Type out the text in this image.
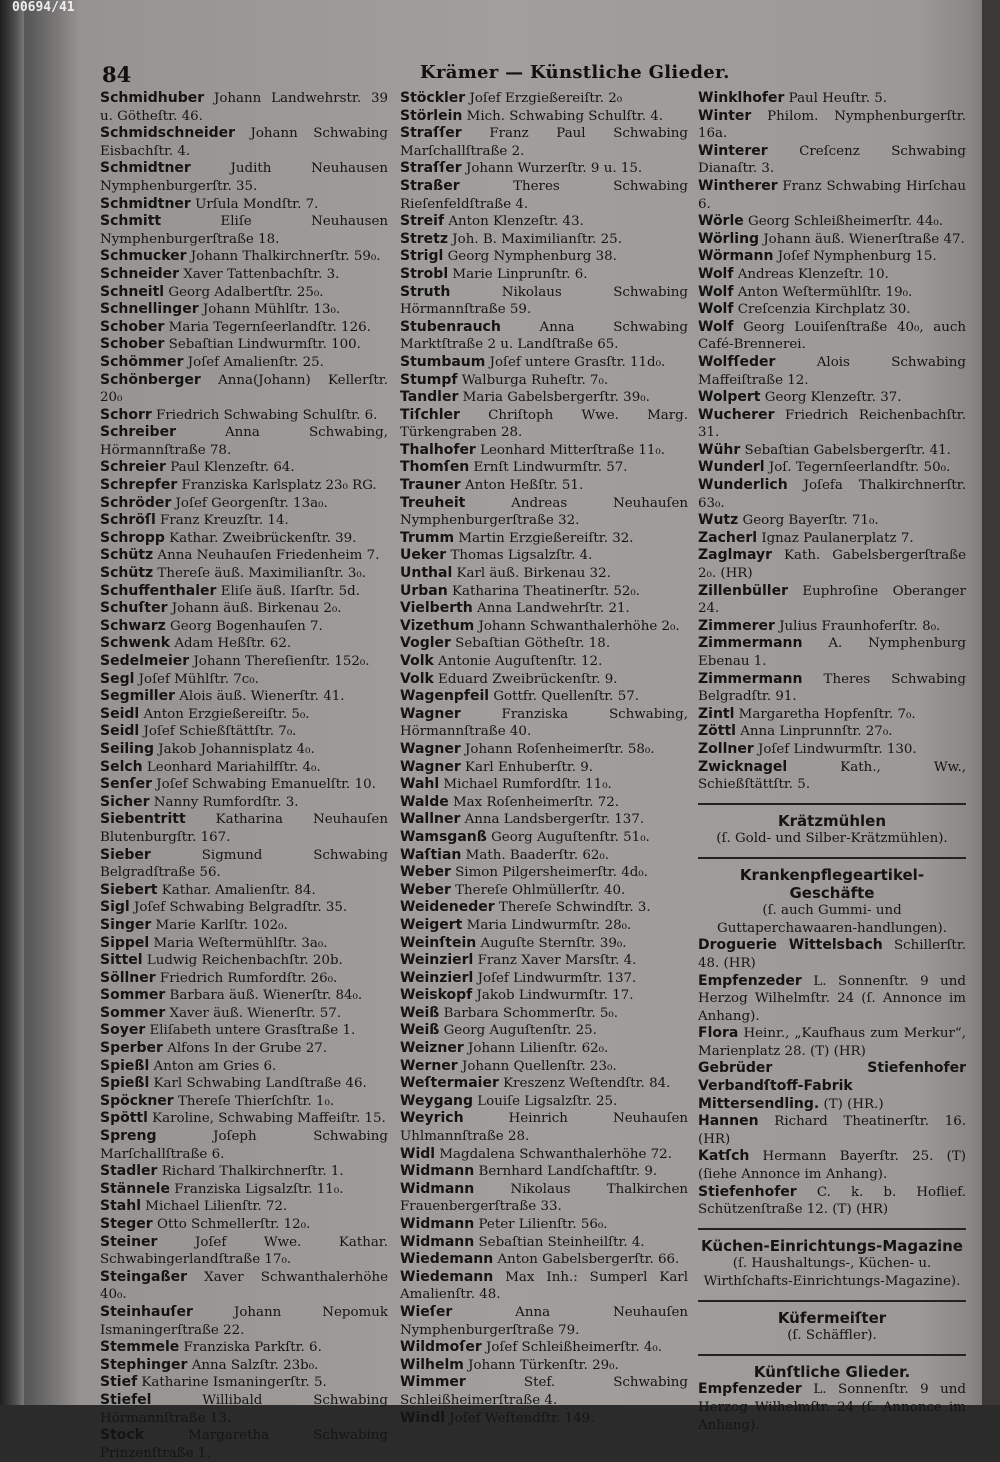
00694/41
84	Krämer — Künstliche Glieder.
Schmidhuber Johann Landwehrstr. 39 u. Götheſtr. 46.
Schmidschneider Johann Schwabing Eisbachſtr. 4.
Schmidtner Judith Neuhausen Nymphenburgerſtr. 35.
Schmidtner Urſula Mondſtr. 7.
Schmitt Eliſe Neuhausen Nymphenburgerſtraße 18.
Schmucker Johann Thalkirchnerſtr. 59₀.
Schneider Xaver Tattenbachſtr. 3.
Schneitl Georg Adalbertſtr. 25₀.
Schnellinger Johann Mühlſtr. 13₀.
Schober Maria Tegernſeerlandſtr. 126.
Schober Sebaſtian Lindwurmſtr. 100.
Schömmer Joſef Amalienſtr. 25.
Schönberger Anna(Johann) Kellerſtr. 20₀
Schorr Friedrich Schwabing Schulſtr. 6.
Schreiber Anna Schwabing, Hörmannſtraße 78.
Schreier Paul Klenzeſtr. 64.
Schrepfer Franziska Karlsplatz 23₀ RG.
Schröder Joſef Georgenſtr. 13a₀.
Schröſl Franz Kreuzſtr. 14.
Schropp Kathar. Zweibrückenſtr. 39.
Schütz Anna Neuhauſen Friedenheim 7.
Schütz Thereſe äuß. Maximilianſtr. 3₀.
Schuffenthaler Eliſe äuß. Iſarſtr. 5d.
Schuſter Johann äuß. Birkenau 2₀.
Schwarz Georg Bogenhauſen 7.
Schwenk Adam Heßſtr. 62.
Sedelmeier Johann Thereſienſtr. 152₀.
Segl Joſef Mühlſtr. 7c₀.
Segmiller Alois äuß. Wienerſtr. 41.
Seidl Anton Erzgießereiſtr. 5₀.
Seidl Joſef Schießſtättſtr. 7₀.
Seiling Jakob Johannisplatz 4₀.
Selch Leonhard Mariahilfſtr. 4₀.
Senſer Joſef Schwabing Emanuelſtr. 10.
Sicher Nanny Rumfordſtr. 3.
Siebentritt Katharina Neuhauſen Blutenburgſtr. 167.
Sieber Sigmund Schwabing Belgradſtraße 56.
Siebert Kathar. Amalienſtr. 84.
Sigl Joſef Schwabing Belgradſtr. 35.
Singer Marie Karlſtr. 102₀.
Sippel Maria Weſtermühlſtr. 3a₀.
Sittel Ludwig Reichenbachſtr. 20b.
Söllner Friedrich Rumfordſtr. 26₀.
Sommer Barbara äuß. Wienerſtr. 84₀.
Sommer Xaver äuß. Wienerſtr. 57.
Soyer Eliſabeth untere Grasſtraße 1.
Sperber Alfons In der Grube 27.
Spießl Anton am Gries 6.
Spießl Karl Schwabing Landſtraße 46.
Spöckner Thereſe Thierſchſtr. 1₀.
Spöttl Karoline, Schwabing Maffeiſtr. 15.
Spreng Joſeph Schwabing Marſchallſtraße 6.
Stadler Richard Thalkirchnerſtr. 1.
Stännele Franziska Ligsalzſtr. 11₀.
Stahl Michael Lilienſtr. 72.
Steger Otto Schmellerſtr. 12₀.
Steiner Joſef Wwe. Kathar. Schwabingerlandſtraße 17₀.
Steingaßer Xaver Schwanthalerhöhe 40₀.
Steinhauſer Johann Nepomuk Ismaningerſtraße 22.
Stemmele Franziska Parkſtr. 6.
Stephinger Anna Salzſtr. 23b₀.
Stief Katharine Ismaningerſtr. 5.
Stiefel Willibald Schwabing Hörmannſtraße 13.
Stock Margaretha Schwabing Prinzenſtraße 1.
Stöckler Joſef Erzgießereiſtr. 2₀
Störlein Mich. Schwabing Schulſtr. 4.
Straſſer Franz Paul Schwabing Marſchallſtraße 2.
Straſſer Johann Wurzerſtr. 9 u. 15.
Straßer Theres Schwabing Rieſenfeldſtraße 4.
Streif Anton Klenzeſtr. 43.
Stretz Joh. B. Maximilianſtr. 25.
Strigl Georg Nymphenburg 38.
Strobl Marie Linprunſtr. 6.
Struth Nikolaus Schwabing Hörmannſtraße 59.
Stubenrauch Anna Schwabing Marktſtraße 2 u. Landſtraße 65.
Stumbaum Joſef untere Grasſtr. 11d₀.
Stumpf Walburga Ruheſtr. 7₀.
Tandler Maria Gabelsbergerſtr. 39₀.
Tiſchler Chriſtoph Wwe. Marg. Türkengraben 28.
Thalhofer Leonhard Mitterſtraße 11₀.
Thomſen Ernſt Lindwurmſtr. 57.
Trauner Anton Heßſtr. 51.
Treuheit Andreas Neuhauſen Nymphenburgerſtraße 32.
Trumm Martin Erzgießereiſtr. 32.
Ueker Thomas Ligsalzſtr. 4.
Unthal Karl äuß. Birkenau 32.
Urban Katharina Theatinerſtr. 52₀.
Vielberth Anna Landwehrſtr. 21.
Vizethum Johann Schwanthalerhöhe 2₀.
Vogler Sebaſtian Götheſtr. 18.
Volk Antonie Auguſtenſtr. 12.
Volk Eduard Zweibrückenſtr. 9.
Wagenpfeil Gottfr. Quellenſtr. 57.
Wagner Franziska Schwabing, Hörmannſtraße 40.
Wagner Johann Roſenheimerſtr. 58₀.
Wagner Karl Enhuberſtr. 9.
Wahl Michael Rumfordſtr. 11₀.
Walde Max Roſenheimerſtr. 72.
Wallner Anna Landsbergerſtr. 137.
Wamsganß Georg Auguſtenſtr. 51₀.
Waſtian Math. Baaderſtr. 62₀.
Weber Simon Pilgersheimerſtr. 4d₀.
Weber Thereſe Ohlmüllerſtr. 40.
Weideneder Thereſe Schwindſtr. 3.
Weigert Maria Lindwurmſtr. 28₀.
Weinſtein Auguſte Sternſtr. 39₀.
Weinzierl Franz Xaver Marsſtr. 4.
Weinzierl Joſef Lindwurmſtr. 137.
Weiskopf Jakob Lindwurmſtr. 17.
Weiß Barbara Schommerſtr. 5₀.
Weiß Georg Auguſtenſtr. 25.
Weizner Johann Lilienſtr. 62₀.
Werner Johann Quellenſtr. 23₀.
Weſtermaier Kreszenz Weſtendſtr. 84.
Weygang Louiſe Ligsalzſtr. 25.
Weyrich Heinrich Neuhauſen Uhlmannſtraße 28.
Widl Magdalena Schwanthalerhöhe 72.
Widmann Bernhard Landſchaftſtr. 9.
Widmann Nikolaus Thalkirchen Frauenbergerſtraße 33.
Widmann Peter Lilienſtr. 56₀.
Widmann Sebaſtian Steinheilſtr. 4.
Wiedemann Anton Gabelsbergerſtr. 66.
Wiedemann Max Inh.: Sumperl Karl Amalienſtr. 48.
Wieſer Anna Neuhauſen Nymphenburgerſtraße 79.
Wildmoſer Joſef Schleißheimerſtr. 4₀.
Wilhelm Johann Türkenſtr. 29₀.
Wimmer Stef. Schwabing Schleißheimerſtraße 4.
Windl Joſef Weſtendſtr. 149.
Winklhofer Paul Heuſtr. 5.
Winter Philom. Nymphenburgerſtr. 16a.
Winterer Creſcenz Schwabing Dianaſtr. 3.
Wintherer Franz Schwabing Hirſchau 6.
Wörle Georg Schleißheimerſtr. 44₀.
Wörling Johann äuß. Wienerſtraße 47.
Wörmann Joſef Nymphenburg 15.
Wolf Andreas Klenzeſtr. 10.
Wolf Anton Weſtermühlſtr. 19₀.
Wolf Creſcenzia Kirchplatz 30.
Wolf Georg Louiſenſtraße 40₀, auch Café-Brennerei.
Wolfſeder Alois Schwabing Maffeiſtraße 12.
Wolpert Georg Klenzeſtr. 37.
Wucherer Friedrich Reichenbachſtr. 31.
Wühr Sebaſtian Gabelsbergerſtr. 41.
Wunderl Joſ. Tegernſeerlandſtr. 50₀.
Wunderlich Joſefa Thalkirchnerſtr. 63₀.
Wutz Georg Bayerſtr. 71₀.
Zacherl Ignaz Paulanerplatz 7.
Zaglmayr Kath. Gabelsbergerſtraße 2₀. (HR)
Zillenbüller Euphroſine Oberanger 24.
Zimmerer Julius Fraunhoferſtr. 8₀.
Zimmermann A. Nymphenburg Ebenau 1.
Zimmermann Theres Schwabing Belgradſtr. 91.
Zintl Margaretha Hopfenſtr. 7₀.
Zöttl Anna Linprunnſtr. 27₀.
Zollner Joſef Lindwurmſtr. 130.
Zwicknagel Kath., Ww., Schießſtättſtr. 5.
Krätzmühlen
(ſ. Gold- und Silber-Krätzmühlen).
Krankenpflegeartikel-Geschäfte
(ſ. auch Gummi- und Guttaperchawaaren-handlungen).
Droguerie Wittelsbach Schillerſtr. 48. (HR)
Empfenzeder L. Sonnenſtr. 9 und Herzog Wilhelmſtr. 24 (ſ. Annonce im Anhang).
Flora Heinr., „Kaufhaus zum Merkur“, Marienplatz 28. (T) (HR)
Gebrüder Stiefenhofer Verbandſtoff-Fabrik Mittersendling. (T) (HR.)
Hannen Richard Theatinerſtr. 16. (HR)
Katſch Hermann Bayerſtr. 25. (T) (ſiehe Annonce im Anhang).
Stiefenhofer C. k. b. Hoflief. Schützenſtraße 12. (T) (HR)
Küchen-Einrichtungs-Magazine
(ſ. Haushaltungs-, Küchen- u. Wirthſchafts-Einrichtungs-Magazine).
Küfermeiſter
(ſ. Schäffler).
Künſtliche Glieder.
Empfenzeder L. Sonnenſtr. 9 und Herzog Wilhelmſtr. 24 (ſ. Annonce im Anhang).
